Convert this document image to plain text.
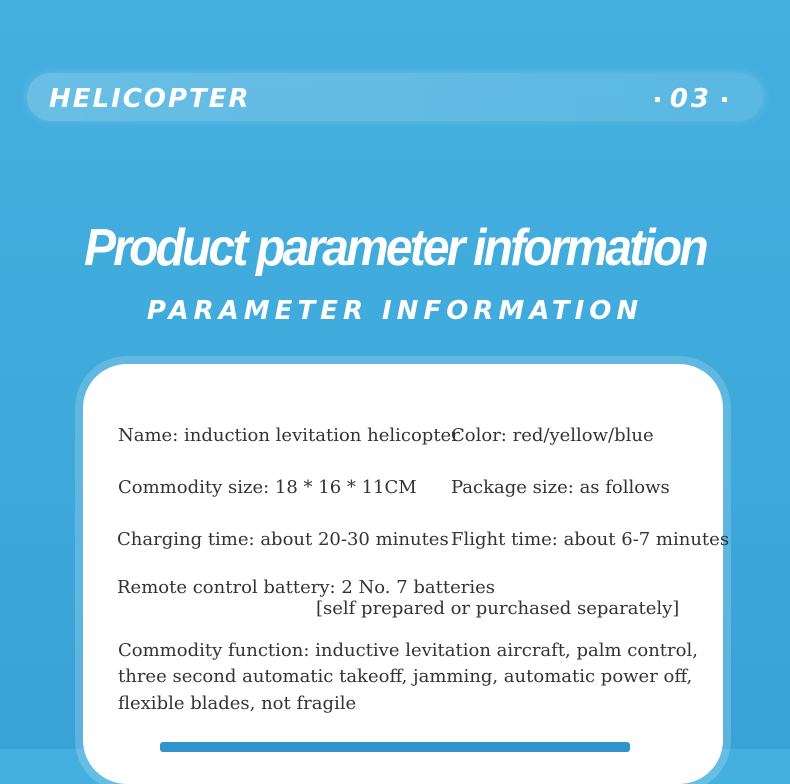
HELICOPTER	03
Product parameter information
PARAMETER INFORMATION
Name: induction levitation helicopter
Color: red/yellow/blue
Commodity size: 18 * 16 * 11CM Package size: as follows
Charging time: about 20-30 minutes Flight time: about 6-7 minutes
Remote control battery: 2 No. 7 batteries
[self prepared or purchased separately]
Commodity function: inductive levitation aircraft, palm control,
three second automatic takeoff, jamming, automatic power off,
flexible blades, not fragile
